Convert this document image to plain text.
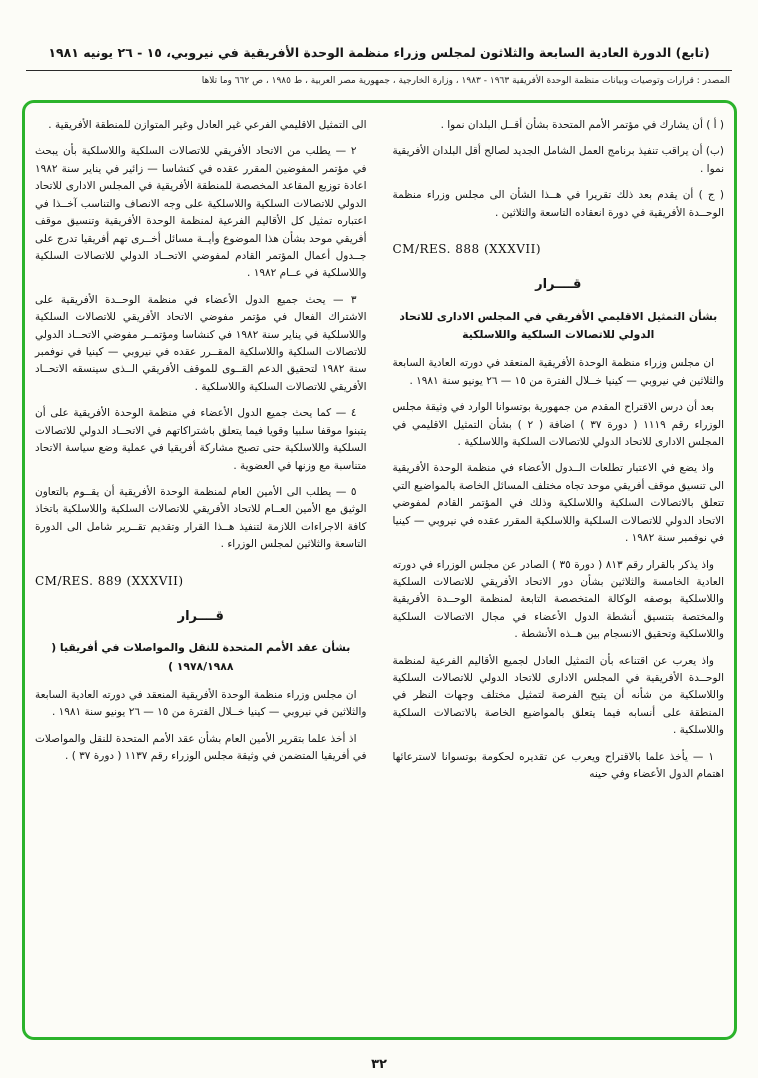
(تابع) الدورة العادية السابعة والثلاثون لمجلس وزراء منظمة الوحدة الأفريقية في نيروبي، ١٥ - ٢٦ يونيه ١٩٨١
المصدر : قرارات وتوصيات وبيانات منظمة الوحدة الأفريقية ١٩٦٣ - ١٩٨٣ ، وزارة الخارجية ، جمهورية مصر العربية ، ط ١٩٨٥ ، ص ٦٦٢ وما تلاها

( أ ) أن يشارك في مؤتمر الأمم المتحدة بشأن أقــل البلدان نموا .

(ب) أن يراقب تنفيذ برنامج العمل الشامل الجديد لصالح أقل البلدان الأفريقية نموا .

( ج ) أن يقدم بعد ذلك تقريرا في هــذا الشأن الى مجلس وزراء منظمة الوحــدة الأفريقية في دورة انعقاده التاسعة والثلاثين .

CM/RES. 888 (XXXVII)

قــــرار
بشأن التمثيل الاقليمي الأفريقي في المجلس الادارى للاتحاد الدولي للاتصالات السلكية واللاسلكية

ان مجلس وزراء منظمة الوحدة الأفريقية المنعقد في دورته العادية السابعة والثلاثين في نيروبي — كينيا خــلال الفترة من ١٥ — ٢٦ يونيو سنة ١٩٨١ .

بعد أن درس الاقتراح المقدم من جمهورية بوتسوانا الوارد في وثيقة مجلس الوزراء رقم ١١١٩ ( دورة ٣٧ ) اضافة ( ٢ ) بشأن التمثيل الاقليمي في المجلس الادارى للاتحاد الدولي للاتصالات السلكية واللاسلكية .

واذ يضع في الاعتبار تطلعات الــدول الأعضاء في منظمة الوحدة الأفريقية الى تنسيق موقف أفريقي موحد تجاه مختلف المسائل الخاصة بالمواضيع التي تتعلق بالاتصالات السلكية واللاسلكية وذلك في المؤتمر القادم لمفوضي الاتحاد الدولي للاتصالات السلكية واللاسلكية المقرر عقده في نيروبي — كينيا في نوفمبر سنة ١٩٨٢ .

واذ يذكر بالقرار رقم ٨١٣ ( دورة ٣٥ ) الصادر عن مجلس الوزراء في دورته العادية الخامسة والثلاثين بشأن دور الاتحاد الأفريقي للاتصالات السلكية واللاسلكية بوصفه الوكالة المتخصصة التابعة لمنظمة الوحــدة الأفريقية والمختصة بتنسيق أنشطة الدول الأعضاء في مجال الاتصالات السلكية واللاسلكية وتحقيق الانسجام بين هــذه الأنشطة .

واذ يعرب عن اقتناعه بأن التمثيل العادل لجميع الأقاليم الفرعية لمنظمة الوحــدة الأفريقية في المجلس الادارى للاتحاد الدولي للاتصالات السلكية واللاسلكية من شأنه أن يتيح الفرصة لتمثيل مختلف وجهات النظر في المنطقة على أنسابه فيما يتعلق بالمواضيع الخاصة بالاتصالات السلكية واللاسلكية .

١ — يأخذ علما بالاقتراح ويعرب عن تقديره لحكومة بوتسوانا لاسترعائها اهتمام الدول الأعضاء وفي حينه

الى التمثيل الاقليمي الفرعي غير العادل وغير المتوازن للمنطقة الأفريقية .

٢ — يطلب من الاتحاد الأفريقي للاتصالات السلكية واللاسلكية بأن يبحث في مؤتمر المفوضين المقرر عقده في كنشاسا — زائير في يناير سنة ١٩٨٢ اعادة توزيع المقاعد المخصصة للمنطقة الأفريقية في المجلس الادارى للاتحاد الدولي للاتصالات السلكية واللاسلكية على وجه الانصاف والتناسب آخــذا في اعتباره تمثيل كل الأقاليم الفرعية لمنظمة الوحدة الأفريقية وتنسيق موقف أفريقي موحد بشأن هذا الموضوع وأيــة مسائل أخــرى تهم أفريقيا تدرج على جــدول أعمال المؤتمر القادم لمفوضي الاتحــاد الدولي للاتصالات السلكية واللاسلكية في عــام ١٩٨٢ .

٣ — يحث جميع الدول الأعضاء في منظمة الوحــدة الأفريقية على الاشتراك الفعال في مؤتمر مفوضي الاتحاد الأفريقي للاتصالات السلكية واللاسلكية في يناير سنة ١٩٨٢ في كنشاسا ومؤتمــر مفوضي الاتحــاد الدولي للاتصالات السلكية واللاسلكية المقــرر عقده في نيروبي — كينيا في نوفمبر سنة ١٩٨٢ لتحقيق الدعم القــوى للموقف الأفريقي الــذى سينسقه الاتحــاد الأفريقي للاتصالات السلكية واللاسلكية .

٤ — كما يحث جميع الدول الأعضاء في منظمة الوحدة الأفريقية على أن يتبنوا موقفا سلبيا وقويا فيما يتعلق باشتراكاتهم في الاتحــاد الدولي للاتصالات السلكية واللاسلكية حتى تصبح مشاركة أفريقيا في عملية وضع سياسة الاتحاد متناسبة مع وزنها في العضوية .

٥ — يطلب الى الأمين العام لمنظمة الوحدة الأفريقية أن يقــوم بالتعاون الوثيق مع الأمين العــام للاتحاد الأفريقي للاتصالات السلكية واللاسلكية باتخاذ كافة الاجراءات اللازمة لتنفيذ هــذا القرار وتقديم تقــرير شامل الى الدورة التاسعة والثلاثين لمجلس الوزراء .

CM/RES. 889 (XXXVII)

قــــرار
بشأن عقد الأمم المتحدة للنقل والمواصلات في أفريقيا ( ١٩٧٨/١٩٨٨ )

ان مجلس وزراء منظمة الوحدة الأفريقية المنعقد في دورته العادية السابعة والثلاثين في نيروبي — كينيا خــلال الفترة من ١٥ — ٢٦ يونيو سنة ١٩٨١ .

اذ أخذ علما بتقرير الأمين العام بشأن عقد الأمم المتحدة للنقل والمواصلات في أفريقيا المتضمن في وثيقة مجلس الوزراء رقم ١١٣٧ ( دورة ٣٧ ) .

٣٢
